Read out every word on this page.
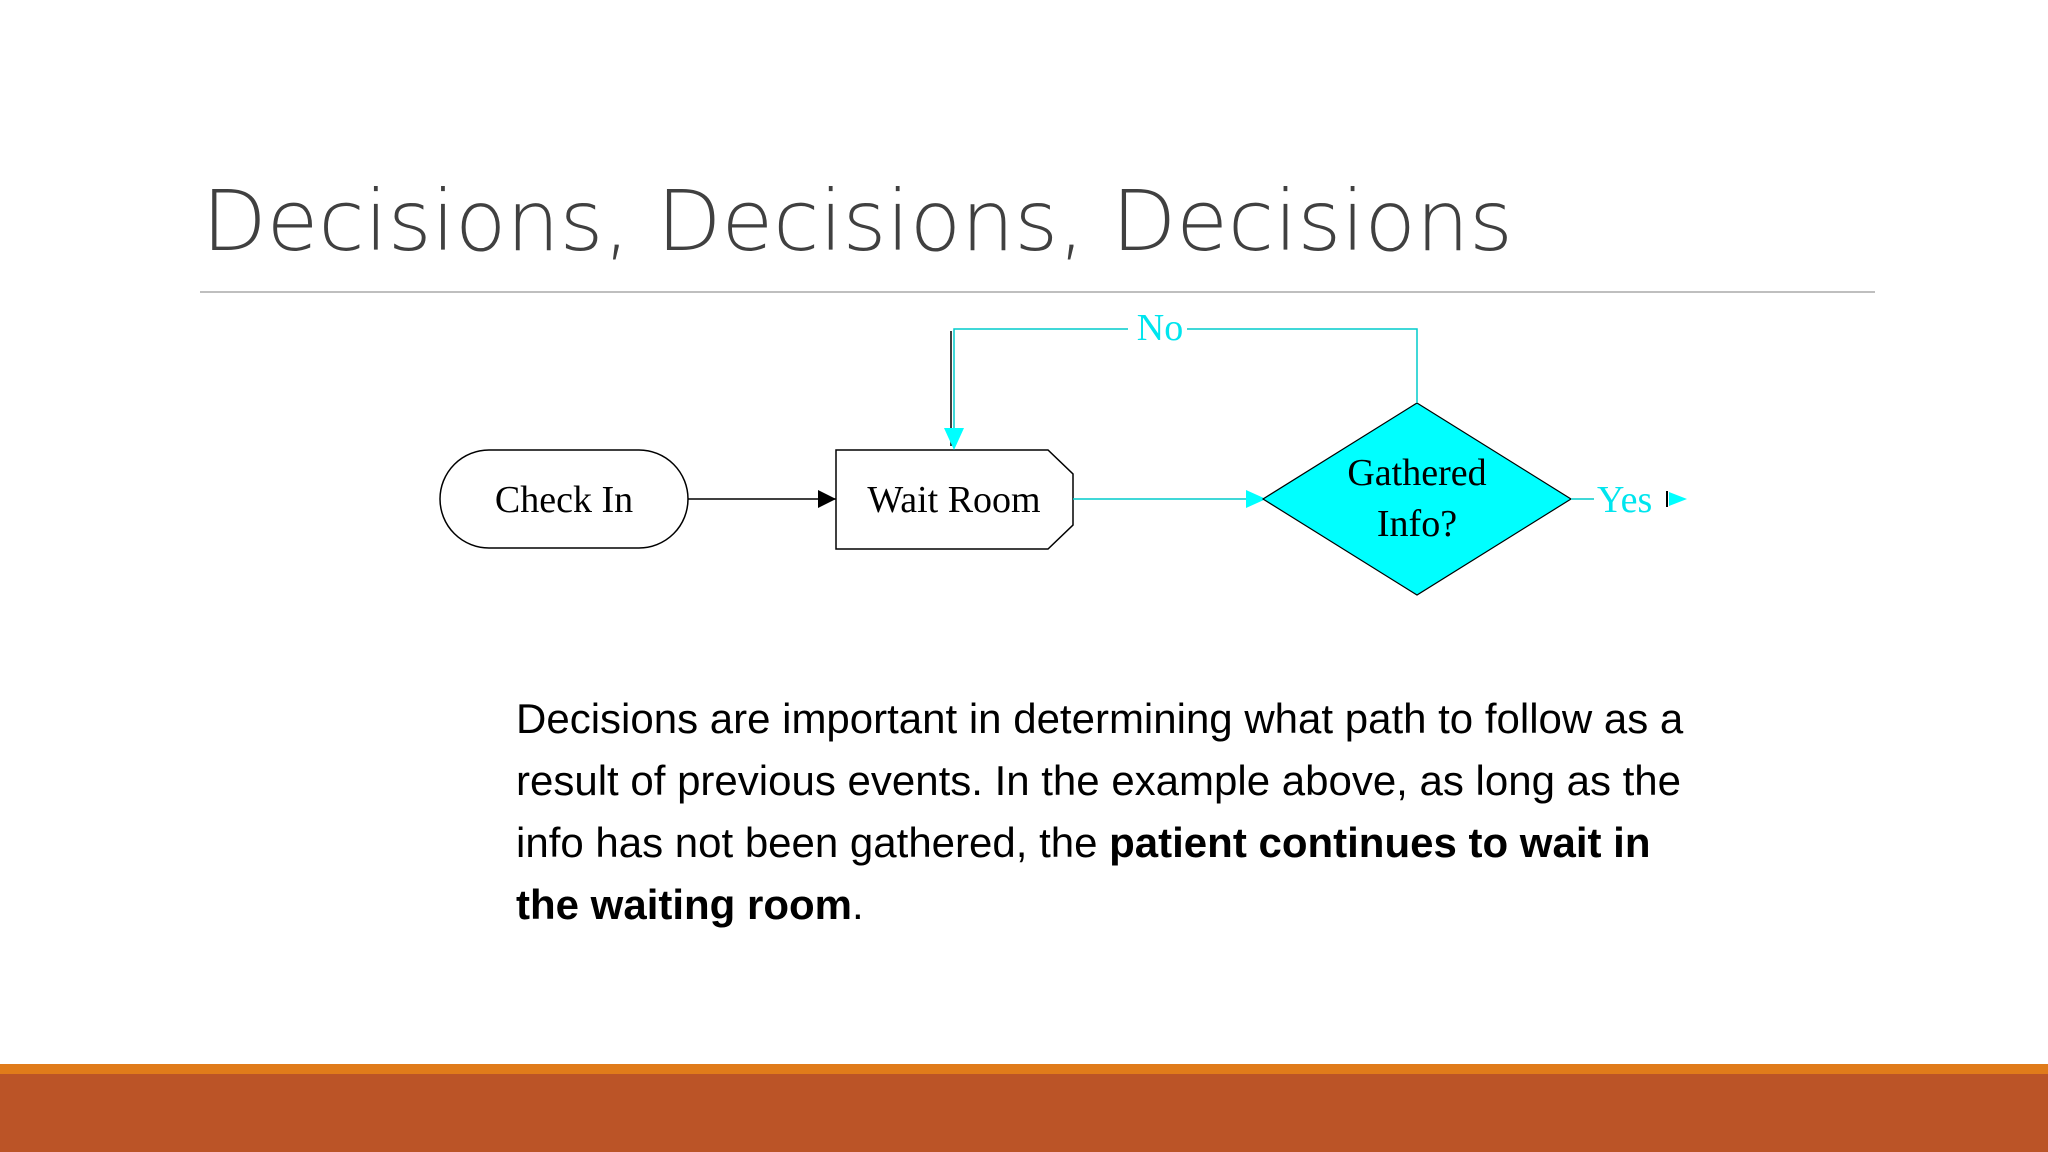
Decisions, Decisions, Decisions
Check In	Wait Room
Gathered
Info?
No
Yes
Decisions are important in determining what path to follow as a result of previous events. In the example above, as long as the info has not been gathered, the patient continues to wait in the waiting room.
